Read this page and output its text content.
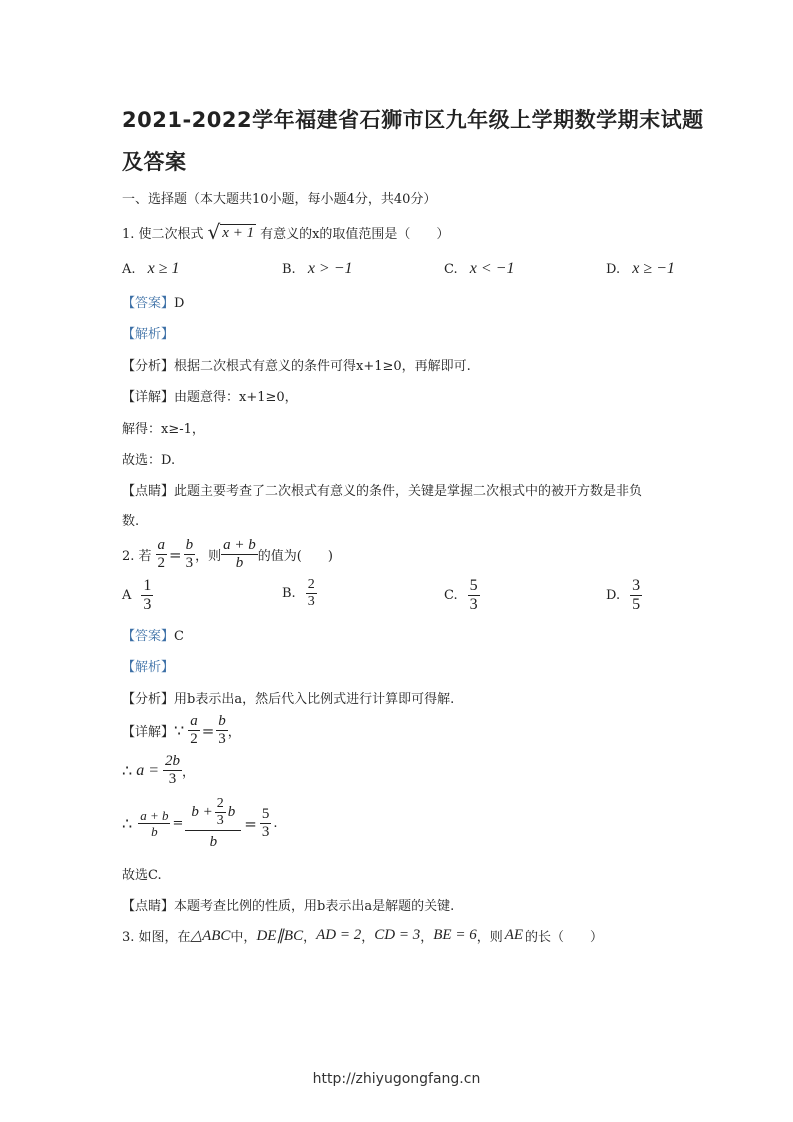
2021-2022学年福建省石狮市区九年级上学期数学期末试题
及答案
一、选择题（本大题共10小题，每小题4分，共40分）
1. 使二次根式 √ x + 1 有意义的x的取值范围是（　　）
A. x ≥ 1	B. x > −1	C. x < −1	D. x ≥ −1
【答案】D
【解析】
【分析】根据二次根式有意义的条件可得x+1≥0，再解即可.
【详解】由题意得：x+1≥0，
解得：x≥-1，
故选：D.
【点睛】此题主要考查了二次根式有意义的条件，关键是掌握二次根式中的被开方数是非负
数.
2. 若 $\frac{a}{2} = \frac{b}{3}$ ，则 $\frac{a + b}{b}$ 的值为(　　)
A $\frac{1}{3}$	B. $\frac{2}{3}$	C. $\frac{5}{3}$	D. $\frac{3}{5}$
【答案】C
【解析】
【分析】用b表示出a，然后代入比例式进行计算即可得解.
【详解】 ∵ $\frac{a}{2} = \frac{b}{3}$ ，
∴ $a = \frac{2b}{3}$ ，
∴ $\frac{a + b}{b} = \frac{b + \frac{2}{3} b}{b} = \frac{5}{3}$ .
故选C.
【点睛】本题考查比例的性质，用b表示出a是解题的关键.
3. 如图，在 △ABC 中， DE∥BC ， AD = 2 ， CD = 3 ， BE = 6 ，则 AE 的长（　　）
http://zhiyugongfang.cn
